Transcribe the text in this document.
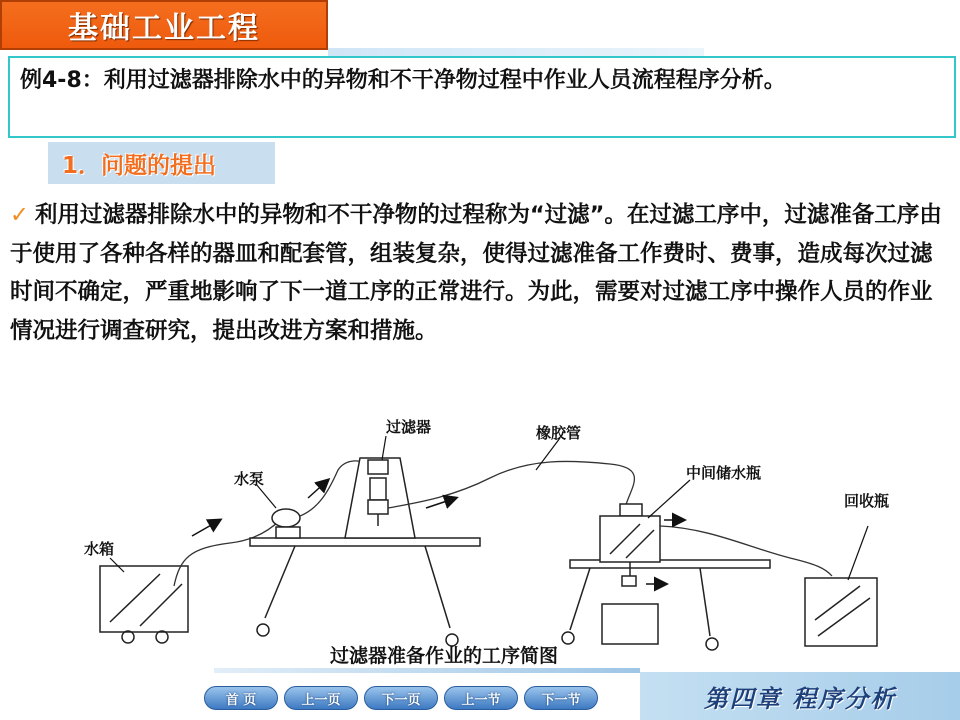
基础工业工程
例4-8：利用过滤器排除水中的异物和不干净物过程中作业人员流程程序分析。
1．问题的提出
✓ 利用过滤器排除水中的异物和不干净物的过程称为“过滤”。在过滤工序中，过滤准备工序由于使用了各种各样的器皿和配套管，组装复杂，使得过滤准备工作费时、费事，造成每次过滤时间不确定，严重地影响了下一道工序的正常进行。为此，需要对过滤工序中操作人员的作业情况进行调查研究，提出改进方案和措施。
水箱
水泵
过滤器	橡胶管
中间储水瓶
回收瓶
过滤器准备作业的工序简图
首 页	上一页	下一页	上一节	下一节	第四章 程序分析
